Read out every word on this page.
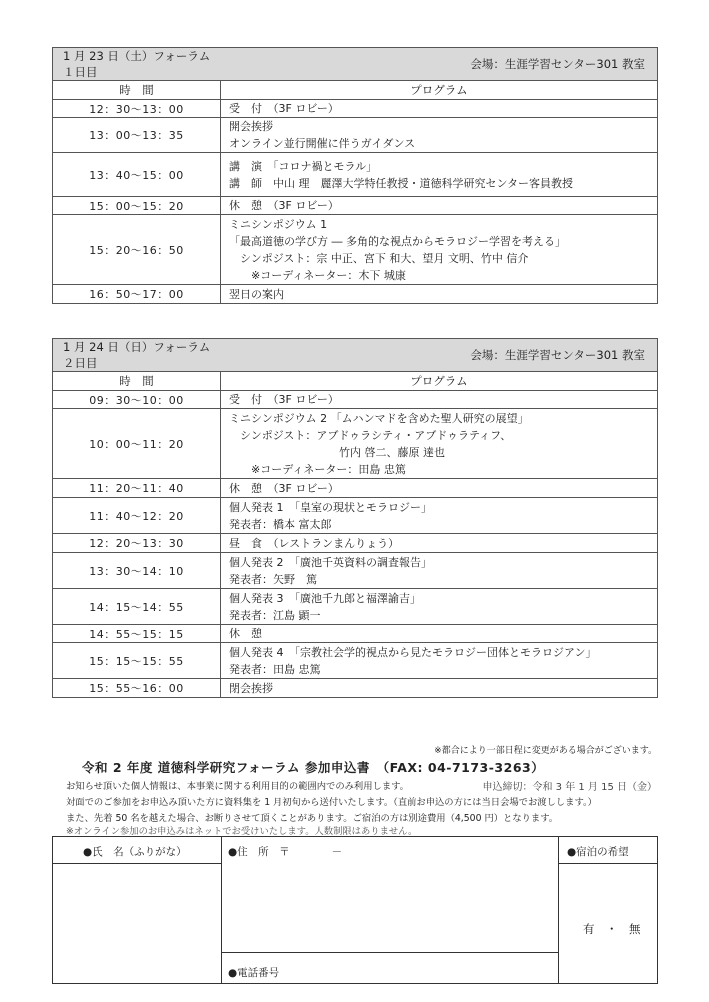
1 月 23 日（土）フォーラム１日目	会場：生涯学習センター301 教室
時　間	プログラム
12：30〜13：00	受　付　（3F ロビー）

13：00〜13：35	開会挨拶
オンライン並行開催に伴うガイダンス

13：40〜15：00	講　演　「コロナ禍とモラル」
講　師　中山 理　麗澤大学特任教授・道徳科学研究センター客員教授

15：00〜15：20	休　憩　（3F ロビー）

15：20〜16：50	ミニシンポジウム 1
「最高道徳の学び方 ― 多角的な視点からモラロジー学習を考える」
　シンポジスト：宗 中正、宮下 和大、望月 文明、竹中 信介
　　※コーディネーター：木下 城康

16：50〜17：00	翌日の案内
1 月 24 日（日）フォーラム２日目	会場：生涯学習センター301 教室
時　間	プログラム
09：30〜10：00	受　付　（3F ロビー）

10：00〜11：20	ミニシンポジウム 2 「ムハンマドを含めた聖人研究の展望」
　シンポジスト：アブドゥラシティ・アブドゥラティフ、
　　　　　　　　　　竹内 啓二、藤原 達也
　　※コーディネーター：田島 忠篤

11：20〜11：40	休　憩　（3F ロビー）

11：40〜12：20	個人発表 1　「皇室の現状とモラロジー」
発表者：橋本 富太郎

12：20〜13：30	昼　食　（レストランまんりょう）

13：30〜14：10	個人発表 2　「廣池千英資料の調査報告」
発表者：矢野　篤

14：15〜14：55	個人発表 3　「廣池千九郎と福澤諭吉」
発表者：江島 顕一

14：55〜15：15	休　憩

15：15〜15：55	個人発表 4　「宗教社会学的視点から見たモラロジー団体とモラロジアン」
発表者：田島 忠篤

15：55〜16：00	閉会挨拶
※都合により一部日程に変更がある場合がございます。
令和 2 年度 道徳科学研究フォーラム 参加申込書　（FAX: 04-7173-3263）
申込締切：令和 3 年 1 月 15 日（金）
お知らせ頂いた個人情報は、本事業に関する利用目的の範囲内でのみ利用します。
対面でのご参加をお申込み頂いた方に資料集を 1 月初旬から送付いたします。（直前お申込の方には当日会場でお渡しします。）
また、先着 50 名を越えた場合、お断りさせて頂くことがあります。ご宿泊の方は別途費用（4,500 円）となります。
※オンライン参加のお申込みはネットでお受けいたします。人数制限はありません。
●氏　名（ふりがな）	●住　所　〒　　　　－
●電話番号
●宿泊の希望
有　・　無
